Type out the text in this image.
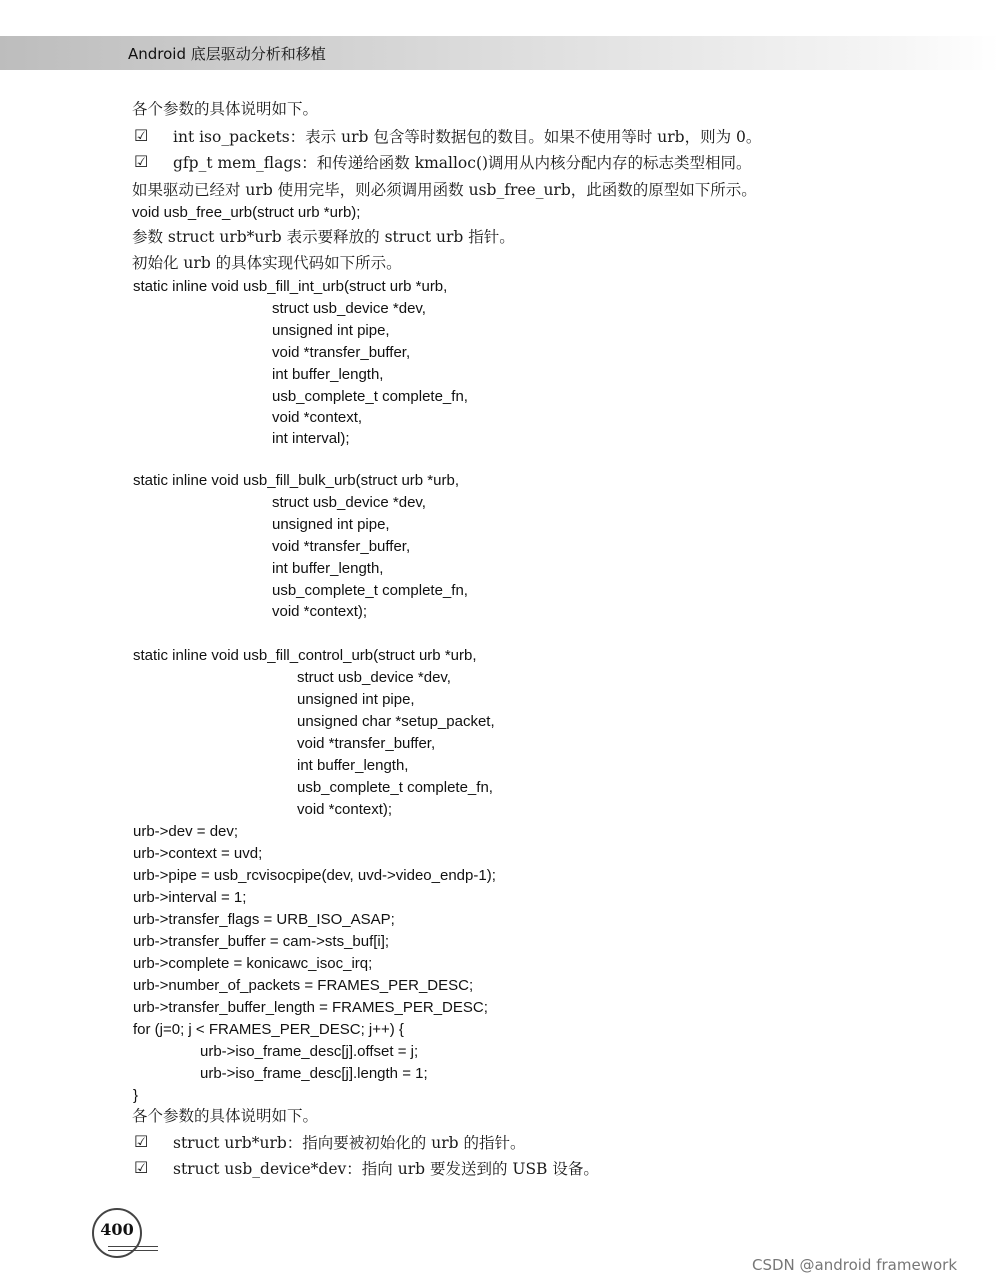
Android 底层驱动分析和移植
各个参数的具体说明如下。
☑ int iso_packets：表示 urb 包含等时数据包的数目。如果不使用等时 urb，则为 0。
☑ gfp_t mem_flags：和传递给函数 kmalloc()调用从内核分配内存的标志类型相同。
如果驱动已经对 urb 使用完毕，则必须调用函数 usb_free_urb，此函数的原型如下所示。
void usb_free_urb(struct urb *urb);
参数 struct urb*urb 表示要释放的 struct urb 指针。
初始化 urb 的具体实现代码如下所示。
static inline void usb_fill_int_urb(struct urb *urb,
struct usb_device *dev,
unsigned int pipe,
void *transfer_buffer,
int buffer_length,
usb_complete_t complete_fn,
void *context,
int interval);
static inline void usb_fill_bulk_urb(struct urb *urb,
struct usb_device *dev,
unsigned int pipe,
void *transfer_buffer,
int buffer_length,
usb_complete_t complete_fn,
void *context);
static inline void usb_fill_control_urb(struct urb *urb,
struct usb_device *dev,
unsigned int pipe,
unsigned char *setup_packet,
void *transfer_buffer,
int buffer_length,
usb_complete_t complete_fn,
void *context);
urb->dev = dev;
urb->context = uvd;
urb->pipe = usb_rcvisocpipe(dev, uvd->video_endp-1);
urb->interval = 1;
urb->transfer_flags = URB_ISO_ASAP;
urb->transfer_buffer = cam->sts_buf[i];
urb->complete = konicawc_isoc_irq;
urb->number_of_packets = FRAMES_PER_DESC;
urb->transfer_buffer_length = FRAMES_PER_DESC;
for (j=0; j < FRAMES_PER_DESC; j++) {
urb->iso_frame_desc[j].offset = j;
urb->iso_frame_desc[j].length = 1;
}
各个参数的具体说明如下。
☑ struct urb*urb：指向要被初始化的 urb 的指针。
☑ struct usb_device*dev：指向 urb 要发送到的 USB 设备。
400
CSDN @android framework
